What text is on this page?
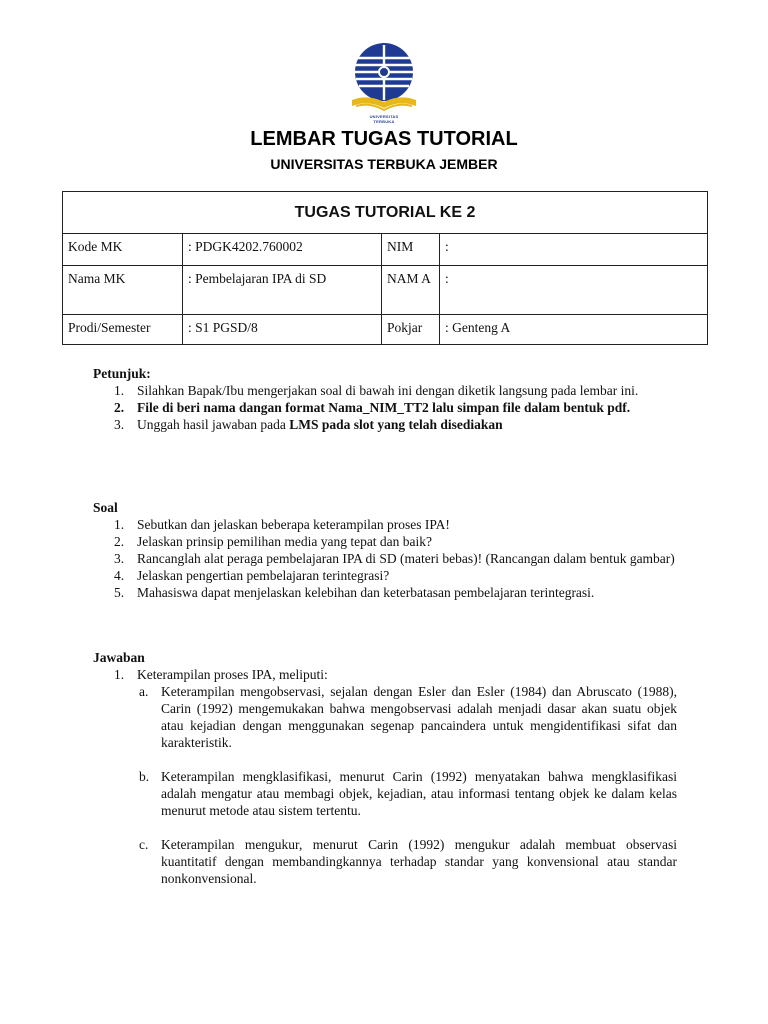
UNIVERSITAS TERBUKA
LEMBAR TUGAS TUTORIAL
UNIVERSITAS TERBUKA JEMBER
TUGAS TUTORIAL KE 2			
Kode MK	: PDGK4202.760002	NIM	:
Nama MK	: Pembelajaran IPA di SD	NAM A	:
Prodi/Semester	: S1 PGSD/8	Pokjar	: Genteng A
Petunjuk:
1. Silahkan Bapak/Ibu mengerjakan soal di bawah ini dengan diketik langsung pada lembar ini.
2. File di beri nama dangan format Nama_NIM_TT2 lalu simpan file dalam bentuk pdf.
3. Unggah hasil jawaban pada LMS pada slot yang telah disediakan
Soal
1. Sebutkan dan jelaskan beberapa keterampilan proses IPA!
2. Jelaskan prinsip pemilihan media yang tepat dan baik?
3. Rancanglah alat peraga pembelajaran IPA di SD (materi bebas)! (Rancangan dalam bentuk gambar)
4. Jelaskan pengertian pembelajaran terintegrasi?
5. Mahasiswa dapat menjelaskan kelebihan dan keterbatasan pembelajaran terintegrasi.
Jawaban
1. Keterampilan proses IPA, meliputi:
a. Keterampilan mengobservasi, sejalan dengan Esler dan Esler (1984) dan Abruscato (1988), Carin (1992) mengemukakan bahwa mengobservasi adalah menjadi dasar akan suatu objek atau kejadian dengan menggunakan segenap pancaindera untuk mengidentifikasi sifat dan karakteristik.
b. Keterampilan mengklasifikasi, menurut Carin (1992) menyatakan bahwa mengklasifikasi adalah mengatur atau membagi objek, kejadian, atau informasi tentang objek ke dalam kelas menurut metode atau sistem tertentu.
c. Keterampilan mengukur, menurut Carin (1992) mengukur adalah membuat observasi kuantitatif dengan membandingkannya terhadap standar yang konvensional atau standar nonkonvensional.
